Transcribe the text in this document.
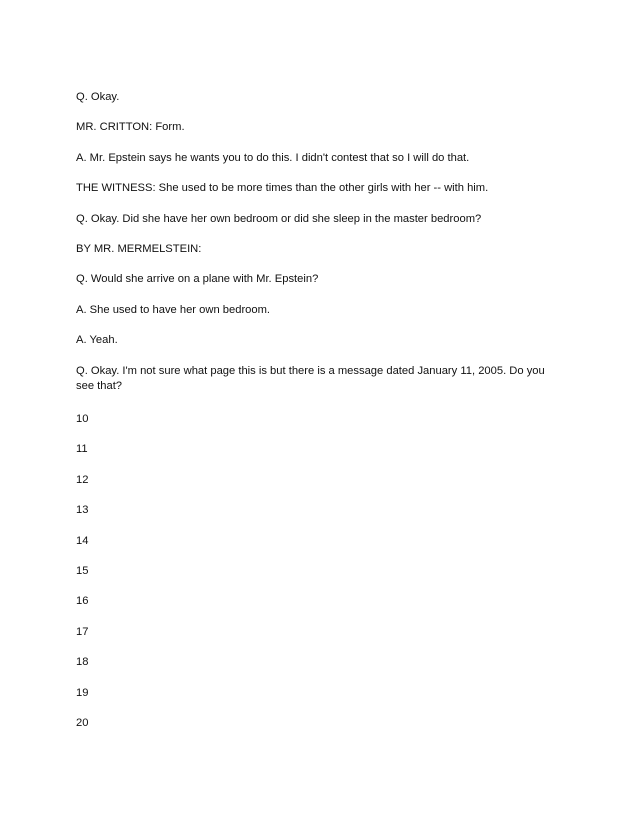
Q. Okay.

MR. CRITTON: Form.

A. Mr. Epstein says he wants you to do this. I didn't contest that so I will do that.

THE WITNESS: She used to be more times than the other girls with her -- with him.

Q. Okay. Did she have her own bedroom or did she sleep in the master bedroom?

BY MR. MERMELSTEIN:

Q. Would she arrive on a plane with Mr. Epstein?

A. She used to have her own bedroom.

A. Yeah.

Q. Okay. I'm not sure what page this is but there is a message dated January 11, 2005. Do you see that?

10
11
12
13
14
15
16
17
18
19
20
